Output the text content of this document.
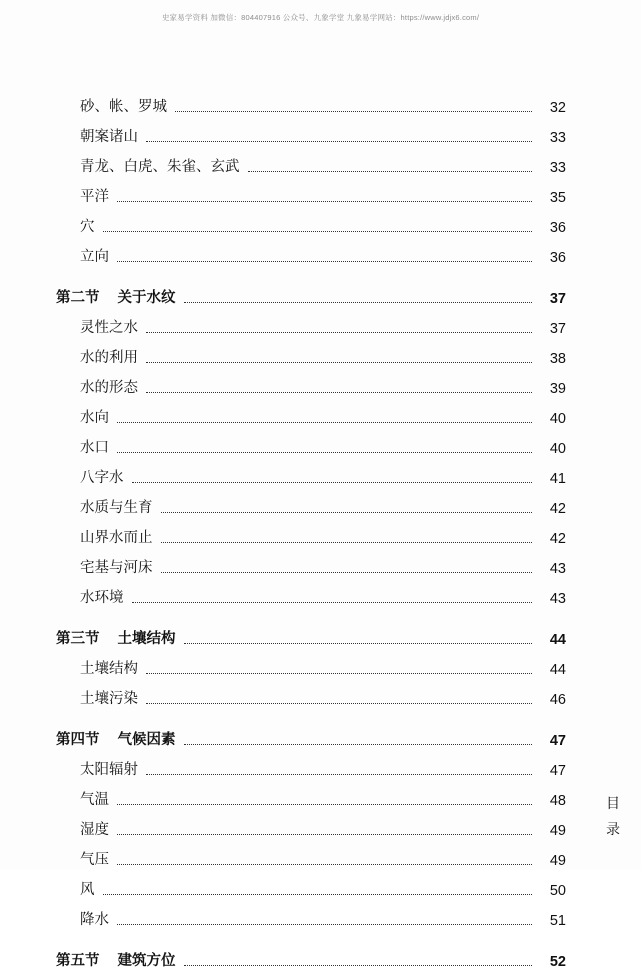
史家易学资料 加微信：804407916 公众号、九象学堂 九象易学网站：https://www.jdjx6.com/
砂、帐、罗城	32
朝案诸山	33
青龙、白虎、朱雀、玄武	33
平洋	35
穴	36
立向	36
第二节 关于水纹	37
灵性之水	37
水的利用	38
水的形态	39
水向	40
水口	40
八字水	41
水质与生育	42
山界水而止	42
宅基与河床	43
水环境	43
第三节 土壤结构	44
土壤结构	44
土壤污染	46
第四节 气候因素	47
太阳辐射	47
气温	48
湿度	49
气压	49
风	50
降水	51
第五节 建筑方位	52
目
录
